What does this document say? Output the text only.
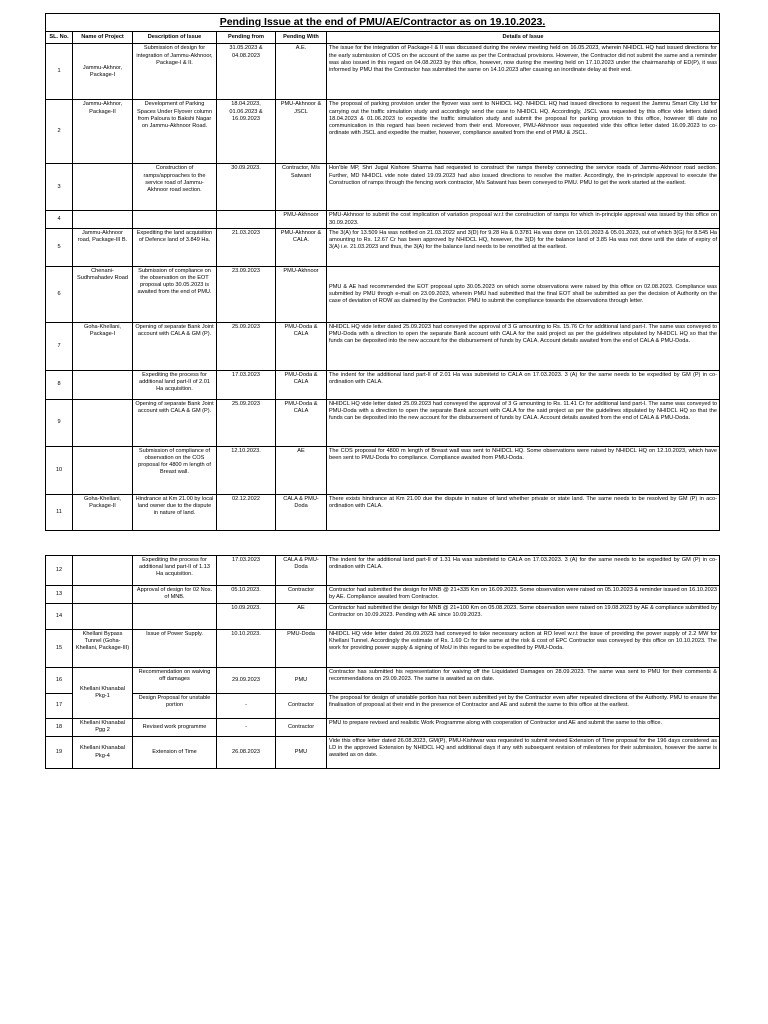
Pending Issue at the end of PMU/AE/Contractor as on 19.10.2023.					
SL. No.	Name of Project	Description of Issue	Pending from	Pending With	Details of Issue
1	Jammu-Akhnor, Package-I	Submission of design for integration of Jammu-Akhnoor, Package-I & II.	31.05.2023 & 04.08.2023	A.E.	The issue for the integration of Package-I & II was discussed during the review meeting held on 16.05.2023, wherein NHIDCL HQ had issued directions for the early submission of COS on the account of the same as per the Contractual provisions. However, the Contractor did not submit the same and a reminder was also issued in this regard on 04.08.2023 by this office, however, now during the meeting held on 17.10.2023 under the chairmanship of ED(P), it was informed by PMU that the Contractor has submitted the same on 14.10.2023 after causing an inordinate delay at their end.
2	Jammu-Akhnor, Package-II	Development of Parking Spaces Under Flyover column from Paloura to Bakshi Nagar on Jammu-Akhnoor Road.	18.04.2023, 01.06.2023 & 16.09.2023	PMU-Akhnoor & JSCL	The proposal of parking provision under the flyover was sent to NHIDCL HQ. NHIDCL HQ had issued directions to request the Jammu Smart City Ltd for carrying out the traffic simulation study and accordingly send the case to NHIDCL HQ. Accordingly, JSCL was requested by this office vide letters dated 18.04.2023 & 01.06.2023 to expedite the traffic simulation study and submit the proposal for parking provision to this office, however till date no communication in this regard has been recieved from their end. Moreover, PMU-Akhnoor was requested vide this office letter dated 16.09.2023 to co-ordinate with JSCL and expedite the matter, however, compliance awaited from the end of PMU & JSCL.
3		Construction of ramps/approaches to the service road of Jammu-Akhnoor road section.	30.09.2023.	Contractor, M/s Satwant	Hon'ble MP, Shri Jugal Kishore Sharma had requested to construct the ramps thereby connecting the service roads of Jammu-Akhnoor road section. Further, MD NHIDCL vide note dated 19.09.2023 had also issued directions to resolve the matter. Accordingly, the in-principle approval to execute the Construction of ramps through the fencing work contractor, M/s Satwant has been conveyed to PMU. PMU to get the work started at the earliest.
4				PMU-Akhnoor	PMU-Akhnoor to submit the cost implication of variation proposal w.r.t the construction of ramps for which in-principle approval was issued by this office on 30.09.2023.
5	Jammu-Akhnoor road, Package-III B.	Expediting the land acquisition of Defence land of 3.849 Ha.	21.03.2023	PMU-Akhnoor & CALA.	The 3(A) for 13.509 Ha was notified on 21.03.2022 and 3(D) for 9.28 Ha & 0.3781 Ha was done on 13.01.2023 & 05.01.2023, out of which 3(G) for 8.545 Ha amounting to Rs. 12.67 Cr has been approved by NHIDCL HQ, however, the 3(D) for the balance land of 3.85 Ha was not done until the date of expiry of 3(A) i.e. 21.03.2023 and thus, the 3(A) for the balance land needs to be renotified at the earliest.
6	Chenani-Sudhmahadev Road	Submission of compliance on the observation on the EOT proposal upto 30.05.2023 is awaited from the end of PMU.	23.09.2023	PMU-Akhnoor	PMU & AE had recommended the EOT proposal upto 30.05.2023 on which some observations were raised by this office on 02.08.2023. Compliance was submitted by PMU throgh e-mail on 23.09.2023, wherein PMU had submitted that the final EOT shall be submitted as per the decision of Authority on the case of deviation of ROW as claimed by the Contractor. PMU to submit the compliance towards the observations through letter.
7	Goha-Khellani, Package-I	Opening of separate Bank Joint account with CALA & GM (P).	25.09.2023	PMU-Doda & CALA	NHIDCL HQ vide letter dated 25.09.2023 had conveyed the approval of 3 G amounting to Rs. 15.76 Cr for additional land part-I. The same was conveyed to PMU-Doda with a direction to open the separate Bank account with CALA for the said project as per the guidelines stipulated by NHIDCL HQ so that the funds can be deposited into the new account for the disbursement of funds by CALA. Account details awaited from the end of CALA & PMU-Doda.
8		Expediting the process for additional land part-II of 2.01 Ha acquisition.	17.03.2023	PMU-Doda & CALA	The indent for the additional land part-II of 2.01 Ha was submitetd to CALA on 17.03.2023. 3 (A) for the same needs to be expedited by GM (P) in co-ordination with CALA.
9		Opening of separate Bank Joint account with CALA & GM (P).	25.09.2023	PMU-Doda & CALA	NHIDCL HQ vide letter dated 25.09.2023 had conveyed the approval of 3 G amounting to Rs. 11.41 Cr for additional land part-I. The same was conveyed to PMU-Doda with a direction to open the separate Bank account with CALA for the said project as per the guidelines stipulated by NHIDCL HQ so that the funds can be deposited into the new account for the disbursement of funds by CALA. Account details awaited from the end of CALA & PMU-Doda.
10		Submission of compliance of observation on the COS proposal for 4800 m length of Breast wall.	12.10.2023.	AE	The COS proposal for 4800 m length of Breast wall was sent to NHIDCL HQ. Some observations were raised by NHIDCL HQ on 12.10.2023, which have been sent to PMU-Doda fro compliance. Compliance awaited from PMU-Doda.
11	Goha-Khellani, Package-II	Hindrance at Km 21.00 by local land owner due to the dispute in nature of land.	02.12.2022	CALA & PMU-Doda	There exists hindrance at Km 21.00 due the dispute in nature of land whether private or state land. The same needs to be resolved by GM (P) in aco-ordination with CALA.
12		Expediting the process for additional land part-II of 1.13 Ha acquisition.	17.03.2023	CALA & PMU-Doda	The indent for the additional land part-II of 1.31 Ha was submitetd to CALA on 17.03.2023. 3 (A) for the same needs to be expedited by GM (P) in co-ordination with CALA.
13		Approval of design for 02 Nos. of MNB.	05.10.2023.	Contractor	Contractor had submitted the design for MNB @ 21+335 Km on 16.09.2023. Some observation were raised on 05.10.2023 & reminder issued on 16.10.2023 by AE. Compliance awaited from Contractor.
14			10.09.2023.	AE	Contractor had submitted the design for MNB @ 21+100 Km on 05.08.2023. Some observation were raised on 19.08.2023 by AE & compliance submitted by Contractor on 10.09.2023. Pending with AE since 10.09.2023.
15	Khellani Bypass Tunnel (Goha-Khellani, Package-III)	Issue of Power Supply.	10.10.2023.	PMU-Doda	NHIDCL HQ vide letter dated 26.09.2023 had conveyed to take necessary action at RO level w.r.t the issue of providing the power supply of 2.2 MW for Khellani Tunnel. Accordingly the estimate of Rs. 1.69 Cr for the same at the risk & cost of EPC Contractor was conveyed by this office on 10.10.2023. The work for providing power supply & signing of MoU in this regard to be expedited by PMU-Doda.
16	Khellani Khanabal Pkg-1	Recommendation on waiving off damages	29.09.2023	PMU	Contractor has submitted his representation for waiving off the Liquidated Damages on 28.09.2023. The same was sent to PMU for their comments & recommendations on 29.09.2023. The same is awaited as on date.
17		Design Proposal for unstable portion	-	Contractor	The proposal for design of unstable portion has not been submitted yet by the Contractor even after repeated directions of the Authority. PMU to ensure the finalisation of proposal at their end in the presence of Contractor and AE and submit the same to this office at the earliest.
18	Khellani Khanabal Pgg 2	Revised work programme	-	Contractor	PMU to prepare revised and realistic Work Programme along with cooperation of Contractor and AE and submit the same to this office.
19	Khellani Khanabal Pkg-4	Extension of Time	26.08.2023	PMU	Vide this office letter dated 26.08.2023, GM(P), PMU-Kishtwar was requested to submit revised Extension of Time proposal for the 196 days considered as LD in the approved Extension by NHIDCL HQ and additional days if any with subsequent revision of milestones for their submission, however the same is awaited as on date.
